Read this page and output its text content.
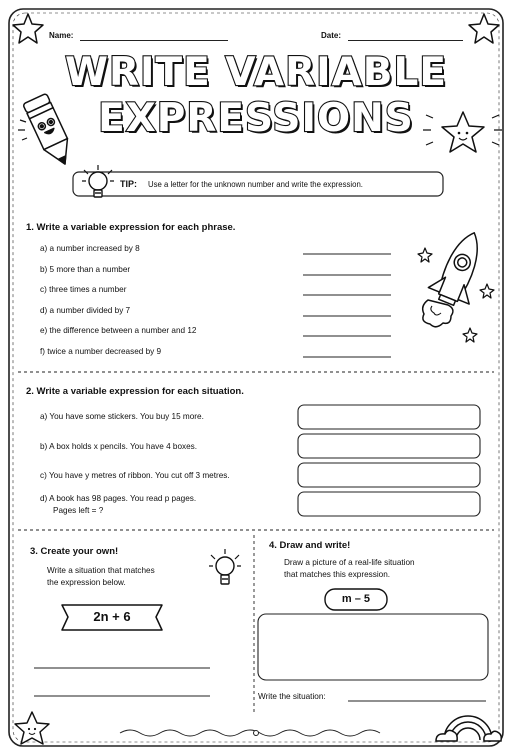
Name:	Date:
WRITE VARIABLE
EXPRESSIONS
TIP: Use a letter for the unknown number and write the expression.
1. Write a variable expression for each phrase.
a) a number increased by 8
b) 5 more than a number
c) three times a number
d) a number divided by 7
e) the difference between a number and 12
f) twice a number decreased by 9
2. Write a variable expression for each situation.
a) You have some stickers. You buy 15 more.
b) A box holds x pencils. You have 4 boxes.
c) You have y metres of ribbon. You cut off 3 metres.
d) A book has 98 pages. You read p pages.
Pages left = ?
3. Create your own!
Write a situation that matches
the expression below.
2n + 6
4. Draw and write!
Draw a picture of a real-life situation
that matches this expression.
m – 5
Write the situation:
